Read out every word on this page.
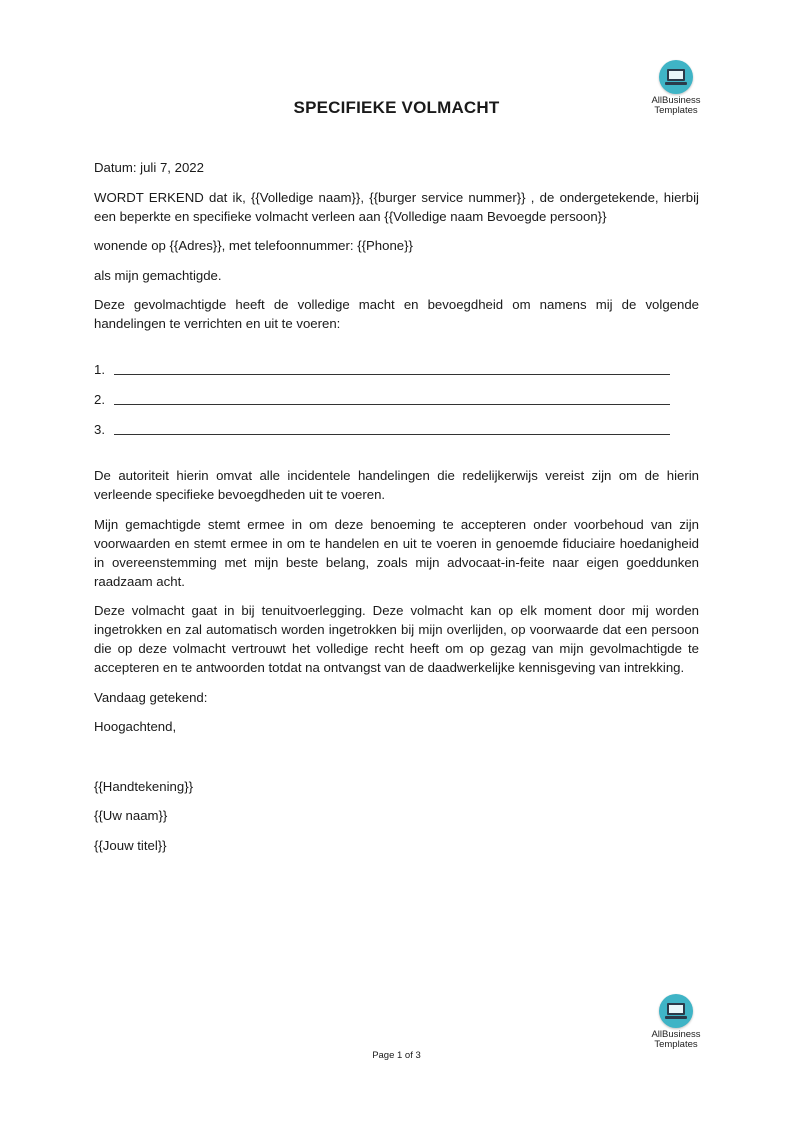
AllBusiness
Templates
SPECIFIEKE VOLMACHT

Datum: juli 7, 2022

WORDT ERKEND dat ik, {{Volledige naam}}, {{burger service nummer}} , de ondergetekende, hierbij een beperkte en specifieke volmacht verleen aan {{Volledige naam Bevoegde persoon}}

wonende op {{Adres}}, met telefoonnummer: {{Phone}}

als mijn gemachtigde.

Deze gevolmachtigde heeft de volledige macht en bevoegdheid om namens mij de volgende handelingen te verrichten en uit te voeren:

1.
2.
3.

De autoriteit hierin omvat alle incidentele handelingen die redelijkerwijs vereist zijn om de hierin verleende specifieke bevoegdheden uit te voeren.

Mijn gemachtigde stemt ermee in om deze benoeming te accepteren onder voorbehoud van zijn voorwaarden en stemt ermee in om te handelen en uit te voeren in genoemde fiduciaire hoedanigheid in overeenstemming met mijn beste belang, zoals mijn advocaat-in-feite naar eigen goeddunken raadzaam acht.

Deze volmacht gaat in bij tenuitvoerlegging. Deze volmacht kan op elk moment door mij worden ingetrokken en zal automatisch worden ingetrokken bij mijn overlijden, op voorwaarde dat een persoon die op deze volmacht vertrouwt het volledige recht heeft om op gezag van mijn gevolmachtigde te accepteren en te antwoorden totdat na ontvangst van de daadwerkelijke kennisgeving van intrekking.

Vandaag getekend:

Hoogachtend,

{{Handtekening}}

{{Uw naam}}

{{Jouw titel}}

AllBusiness
Templates
Page 1 of 3
